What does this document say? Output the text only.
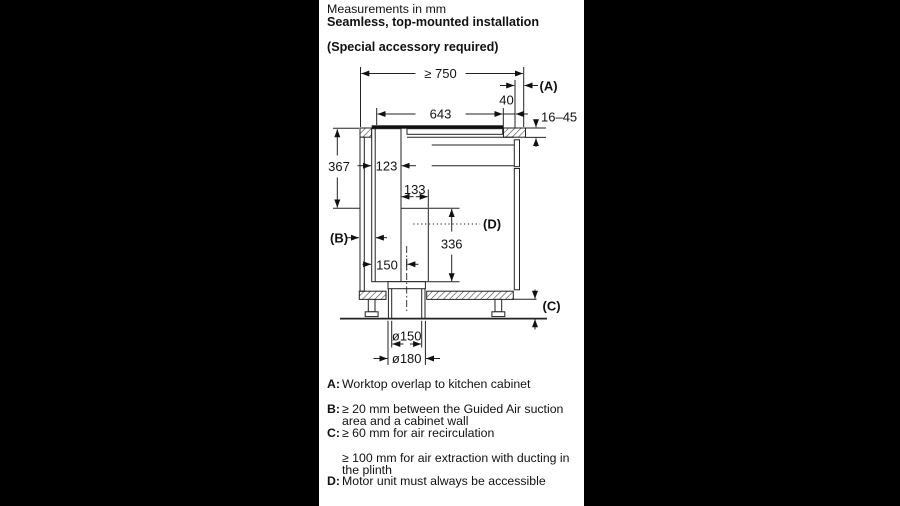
Measurements in mm
Seamless, top-mounted installation
(Special accessory required)
≥ 750
(A)
40
643	16–45
367 123
133
(D)
336
(B)
150
(C)
ø150
ø180
A: Worktop overlap to kitchen cabinet
B: ≥ 20 mm between the Guided Air suction area and a cabinet wall
C: ≥ 60 mm for air recirculation
≥ 100 mm for air extraction with ducting in the plinth
D: Motor unit must always be accessible
